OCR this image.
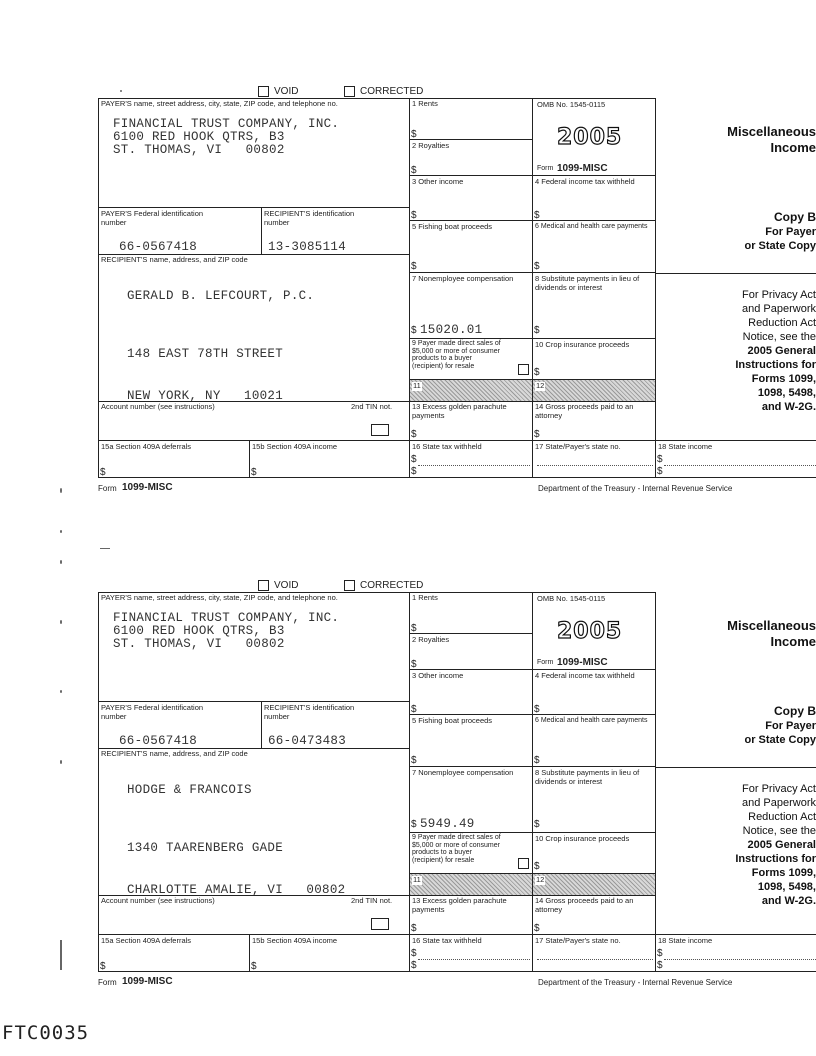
VOID	CORRECTED
PAYER'S name, street address, city, state, ZIP code, and telephone no.
FINANCIAL TRUST COMPANY, INC.
6100 RED HOOK QTRS, B3
ST. THOMAS, VI   00802
PAYER'S Federal identification number
66-0567418
RECIPIENT'S identification number
13-3085114
RECIPIENT'S name, address, and ZIP code
GERALD B. LEFCOURT, P.C.
148 EAST 78TH STREET
NEW YORK, NY   10021
Account number (see instructions)	2nd TIN not.
15a Section 409A deferrals
$
15b Section 409A income
$
1 Rents
$
2 Royalties
$
3 Other income
$
5 Fishing boat proceeds
$
7 Nonemployee compensation
$ 15020.01
9 Payer made direct sales of $5,000 or more of consumer products to a buyer (recipient) for resale
11
13 Excess golden parachute payments
$
16 State tax withheld
$
$
OMB No. 1545-0115
2005
Form 1099-MISC
4 Federal income tax withheld
$
6 Medical and health care payments
$
8 Substitute payments in lieu of dividends or interest
$
10 Crop insurance proceeds
$
12
14 Gross proceeds paid to an attorney
$
17 State/Payer's state no.
Miscellaneous
Income
Copy B
For Payer
or State Copy
For Privacy Act
and Paperwork
Reduction Act
Notice, see the
2005 General
Instructions for
Forms 1099,
1098, 5498,
and W-2G.
18 State income
$
$
Form 1099-MISC	Department of the Treasury - Internal Revenue Service
VOID	CORRECTED
PAYER'S name, street address, city, state, ZIP code, and telephone no.
FINANCIAL TRUST COMPANY, INC.
6100 RED HOOK QTRS, B3
ST. THOMAS, VI   00802
PAYER'S Federal identification number
66-0567418
RECIPIENT'S identification number
66-0473483
RECIPIENT'S name, address, and ZIP code
HODGE & FRANCOIS
1340 TAARENBERG GADE
CHARLOTTE AMALIE, VI   00802
Account number (see instructions)	2nd TIN not.
15a Section 409A deferrals
$
15b Section 409A income
$
1 Rents
$
2 Royalties
$
3 Other income
$
5 Fishing boat proceeds
$
7 Nonemployee compensation
$ 5949.49
9 Payer made direct sales of $5,000 or more of consumer products to a buyer (recipient) for resale
11
13 Excess golden parachute payments
$
16 State tax withheld
$
$
OMB No. 1545-0115
2005
Form 1099-MISC
4 Federal income tax withheld
$
6 Medical and health care payments
$
8 Substitute payments in lieu of dividends or interest
$
10 Crop insurance proceeds
$
12
14 Gross proceeds paid to an attorney
$
17 State/Payer's state no.
Miscellaneous
Income
Copy B
For Payer
or State Copy
For Privacy Act
and Paperwork
Reduction Act
Notice, see the
2005 General
Instructions for
Forms 1099,
1098, 5498,
and W-2G.
18 State income
$
$
Form 1099-MISC	Department of the Treasury - Internal Revenue Service
FTC0035
